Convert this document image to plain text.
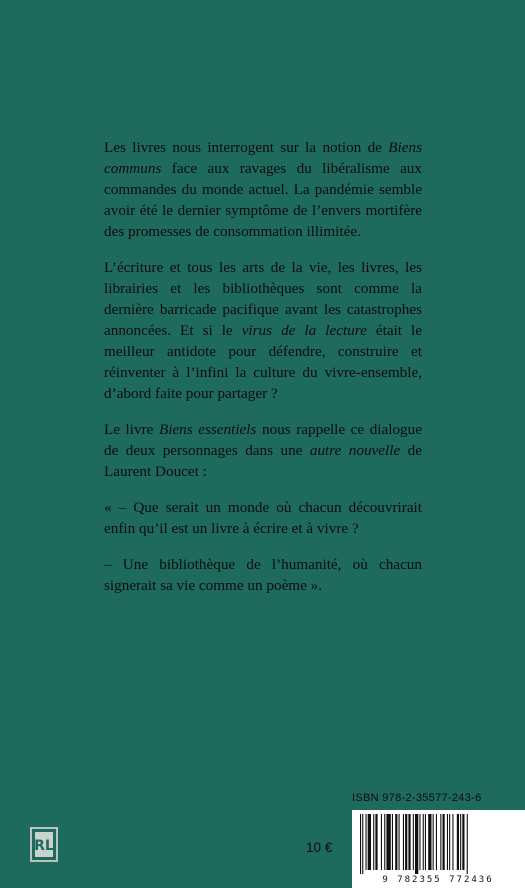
Les livres nous interrogent sur la notion de Biens communs face aux ravages du libéralisme aux commandes du monde actuel. La pandémie semble avoir été le dernier symptôme de l’envers mortifère des promesses de consommation illimitée.

L’écriture et tous les arts de la vie, les livres, les librairies et les bibliothèques sont comme la dernière barricade pacifique avant les catastrophes annoncées. Et si le virus de la lecture était le meilleur antidote pour défendre, construire et réinventer à l’infini la culture du vivre-ensemble, d’abord faite pour partager ?

Le livre Biens essentiels nous rappelle ce dialogue de deux personnages dans une autre nouvelle de Laurent Doucet :

« – Que serait un monde où chacun découvrirait enfin qu’il est un livre à écrire et à vivre ?

– Une bibliothèque de l’humanité, où chacun signerait sa vie comme un poème ».

RL	10 €
ISBN 978-2-35577-243-6
9 782355 772436
